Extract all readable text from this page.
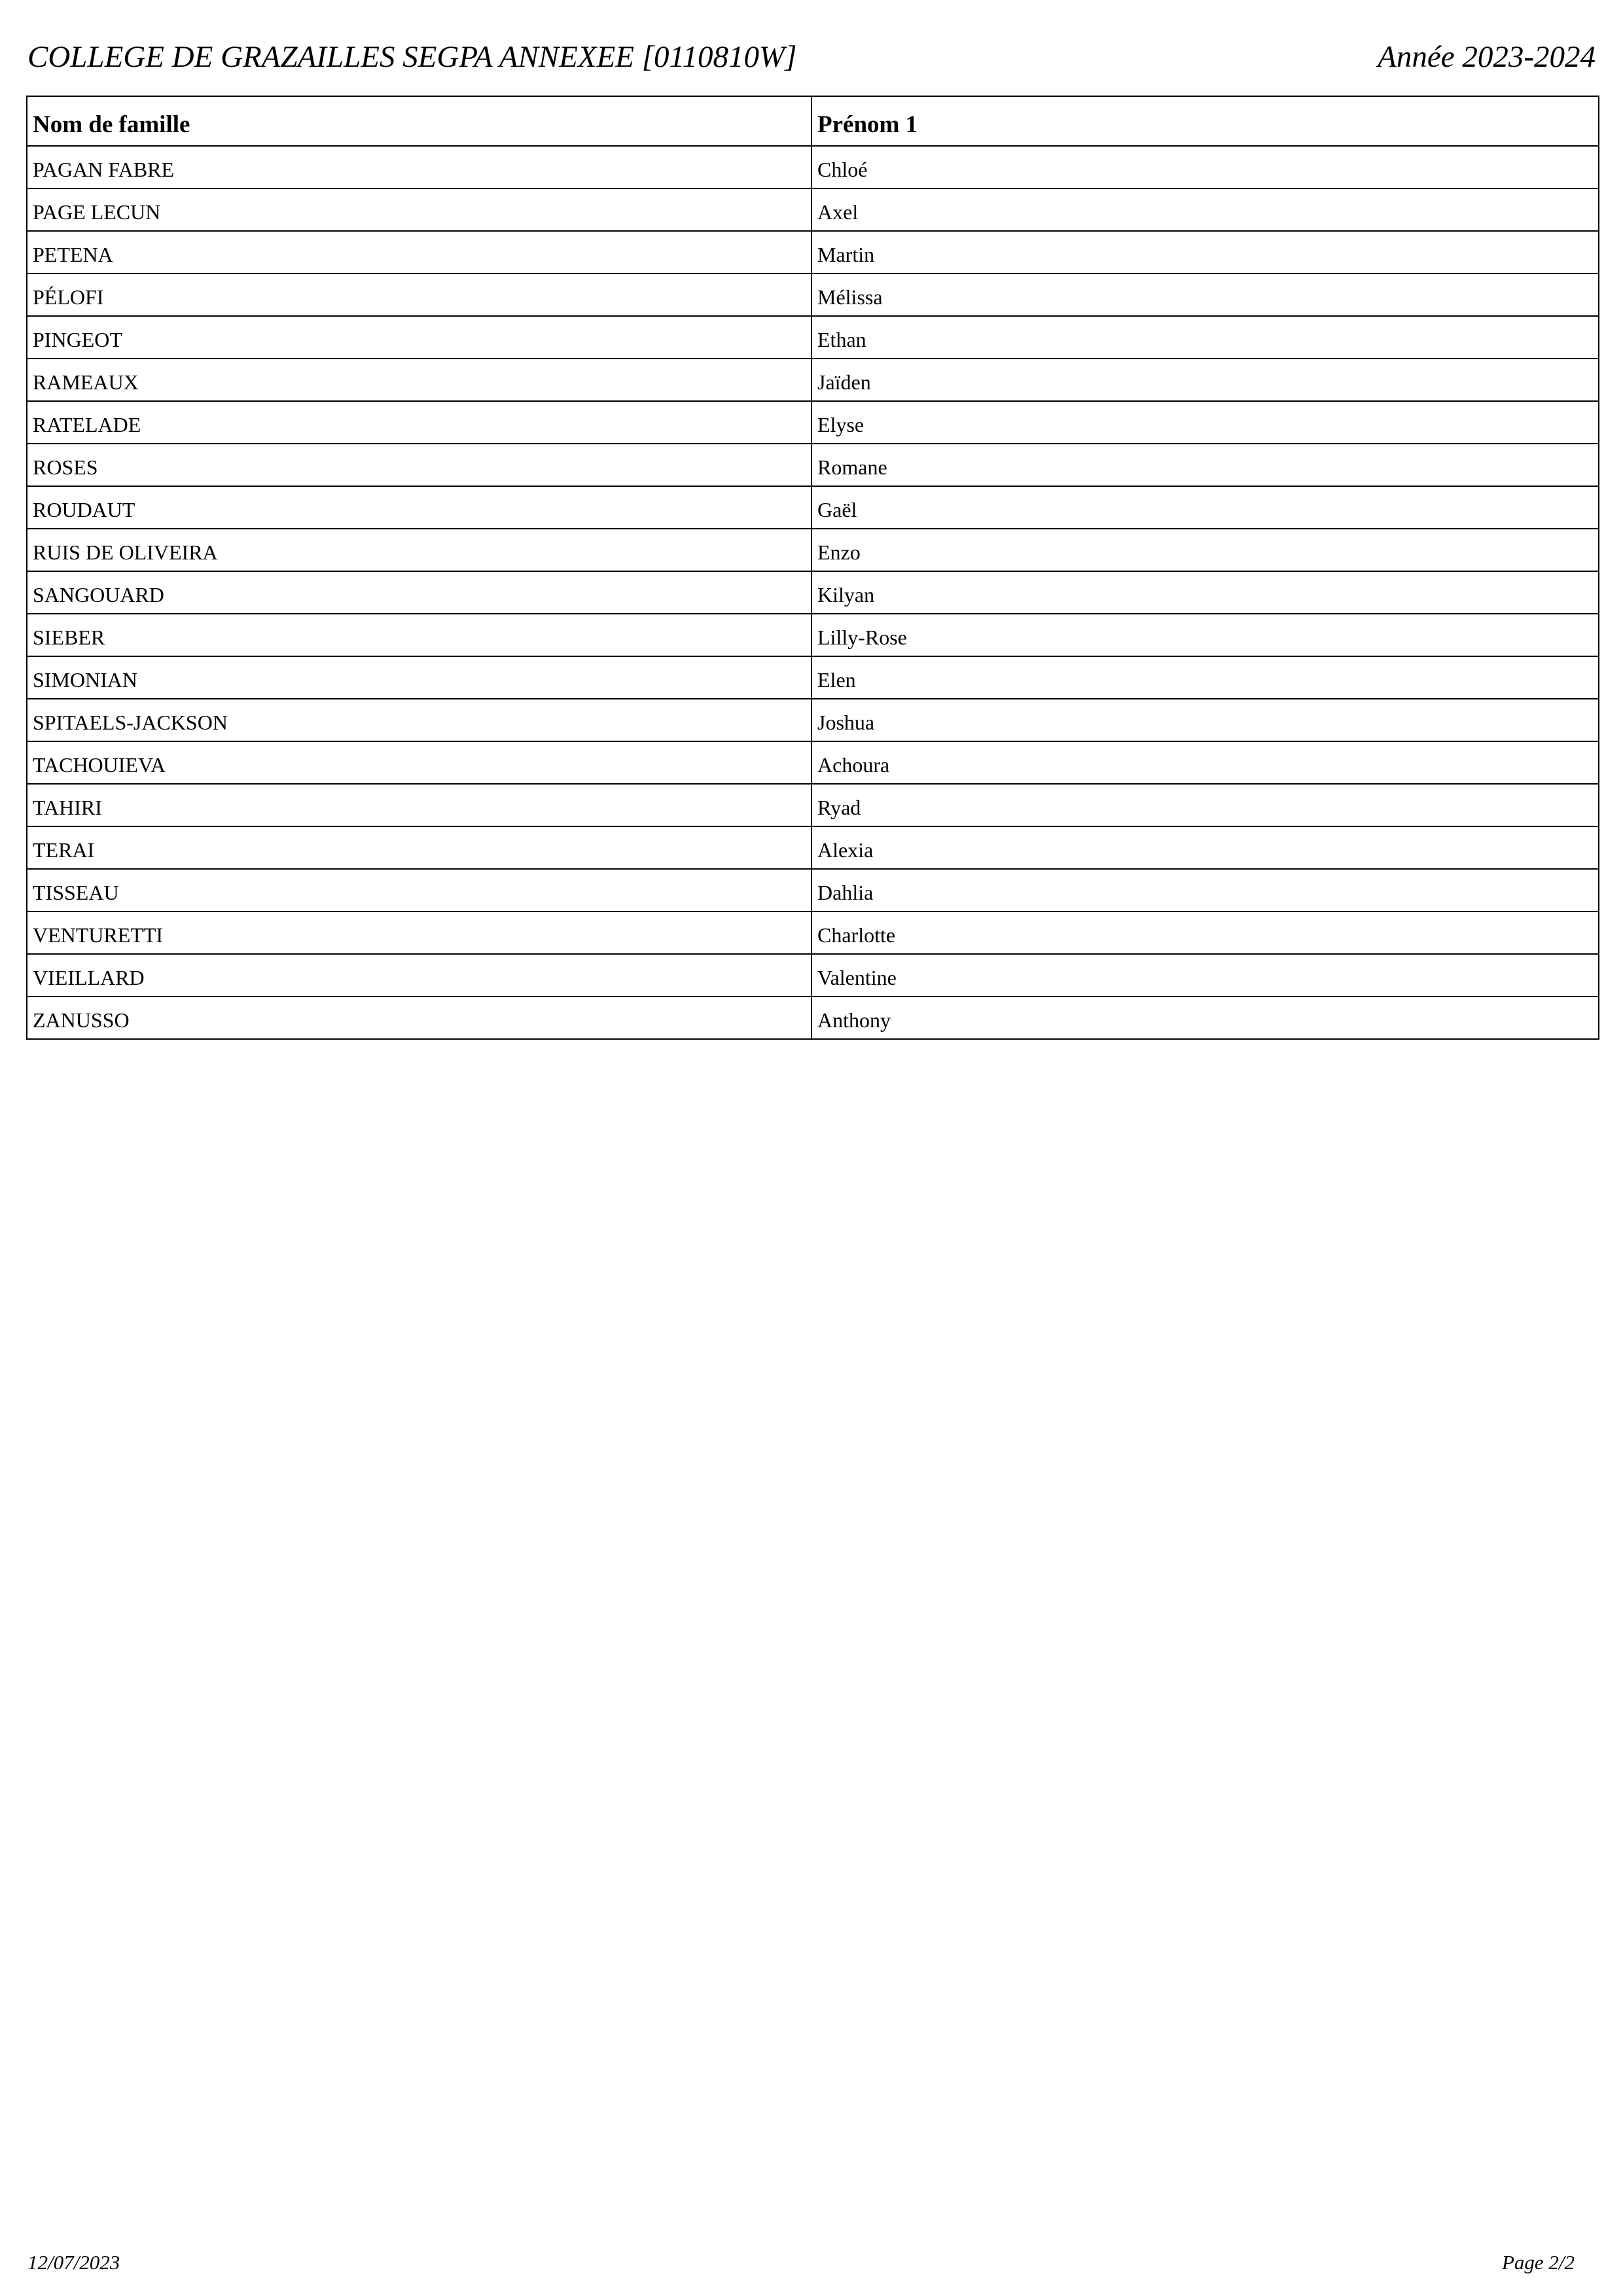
COLLEGE DE GRAZAILLES SEGPA ANNEXEE [0110810W]	Année 2023-2024
Nom de famille	Prénom 1
PAGAN FABRE	Chloé
PAGE LECUN	Axel
PETENA	Martin
PÉLOFI	Mélissa
PINGEOT	Ethan
RAMEAUX	Jaïden
RATELADE	Elyse
ROSES	Romane
ROUDAUT	Gaël
RUIS DE OLIVEIRA	Enzo
SANGOUARD	Kilyan
SIEBER	Lilly-Rose
SIMONIAN	Elen
SPITAELS-JACKSON	Joshua
TACHOUIEVA	Achoura
TAHIRI	Ryad
TERAI	Alexia
TISSEAU	Dahlia
VENTURETTI	Charlotte
VIEILLARD	Valentine
ZANUSSO	Anthony
12/07/2023	Page 2/2
